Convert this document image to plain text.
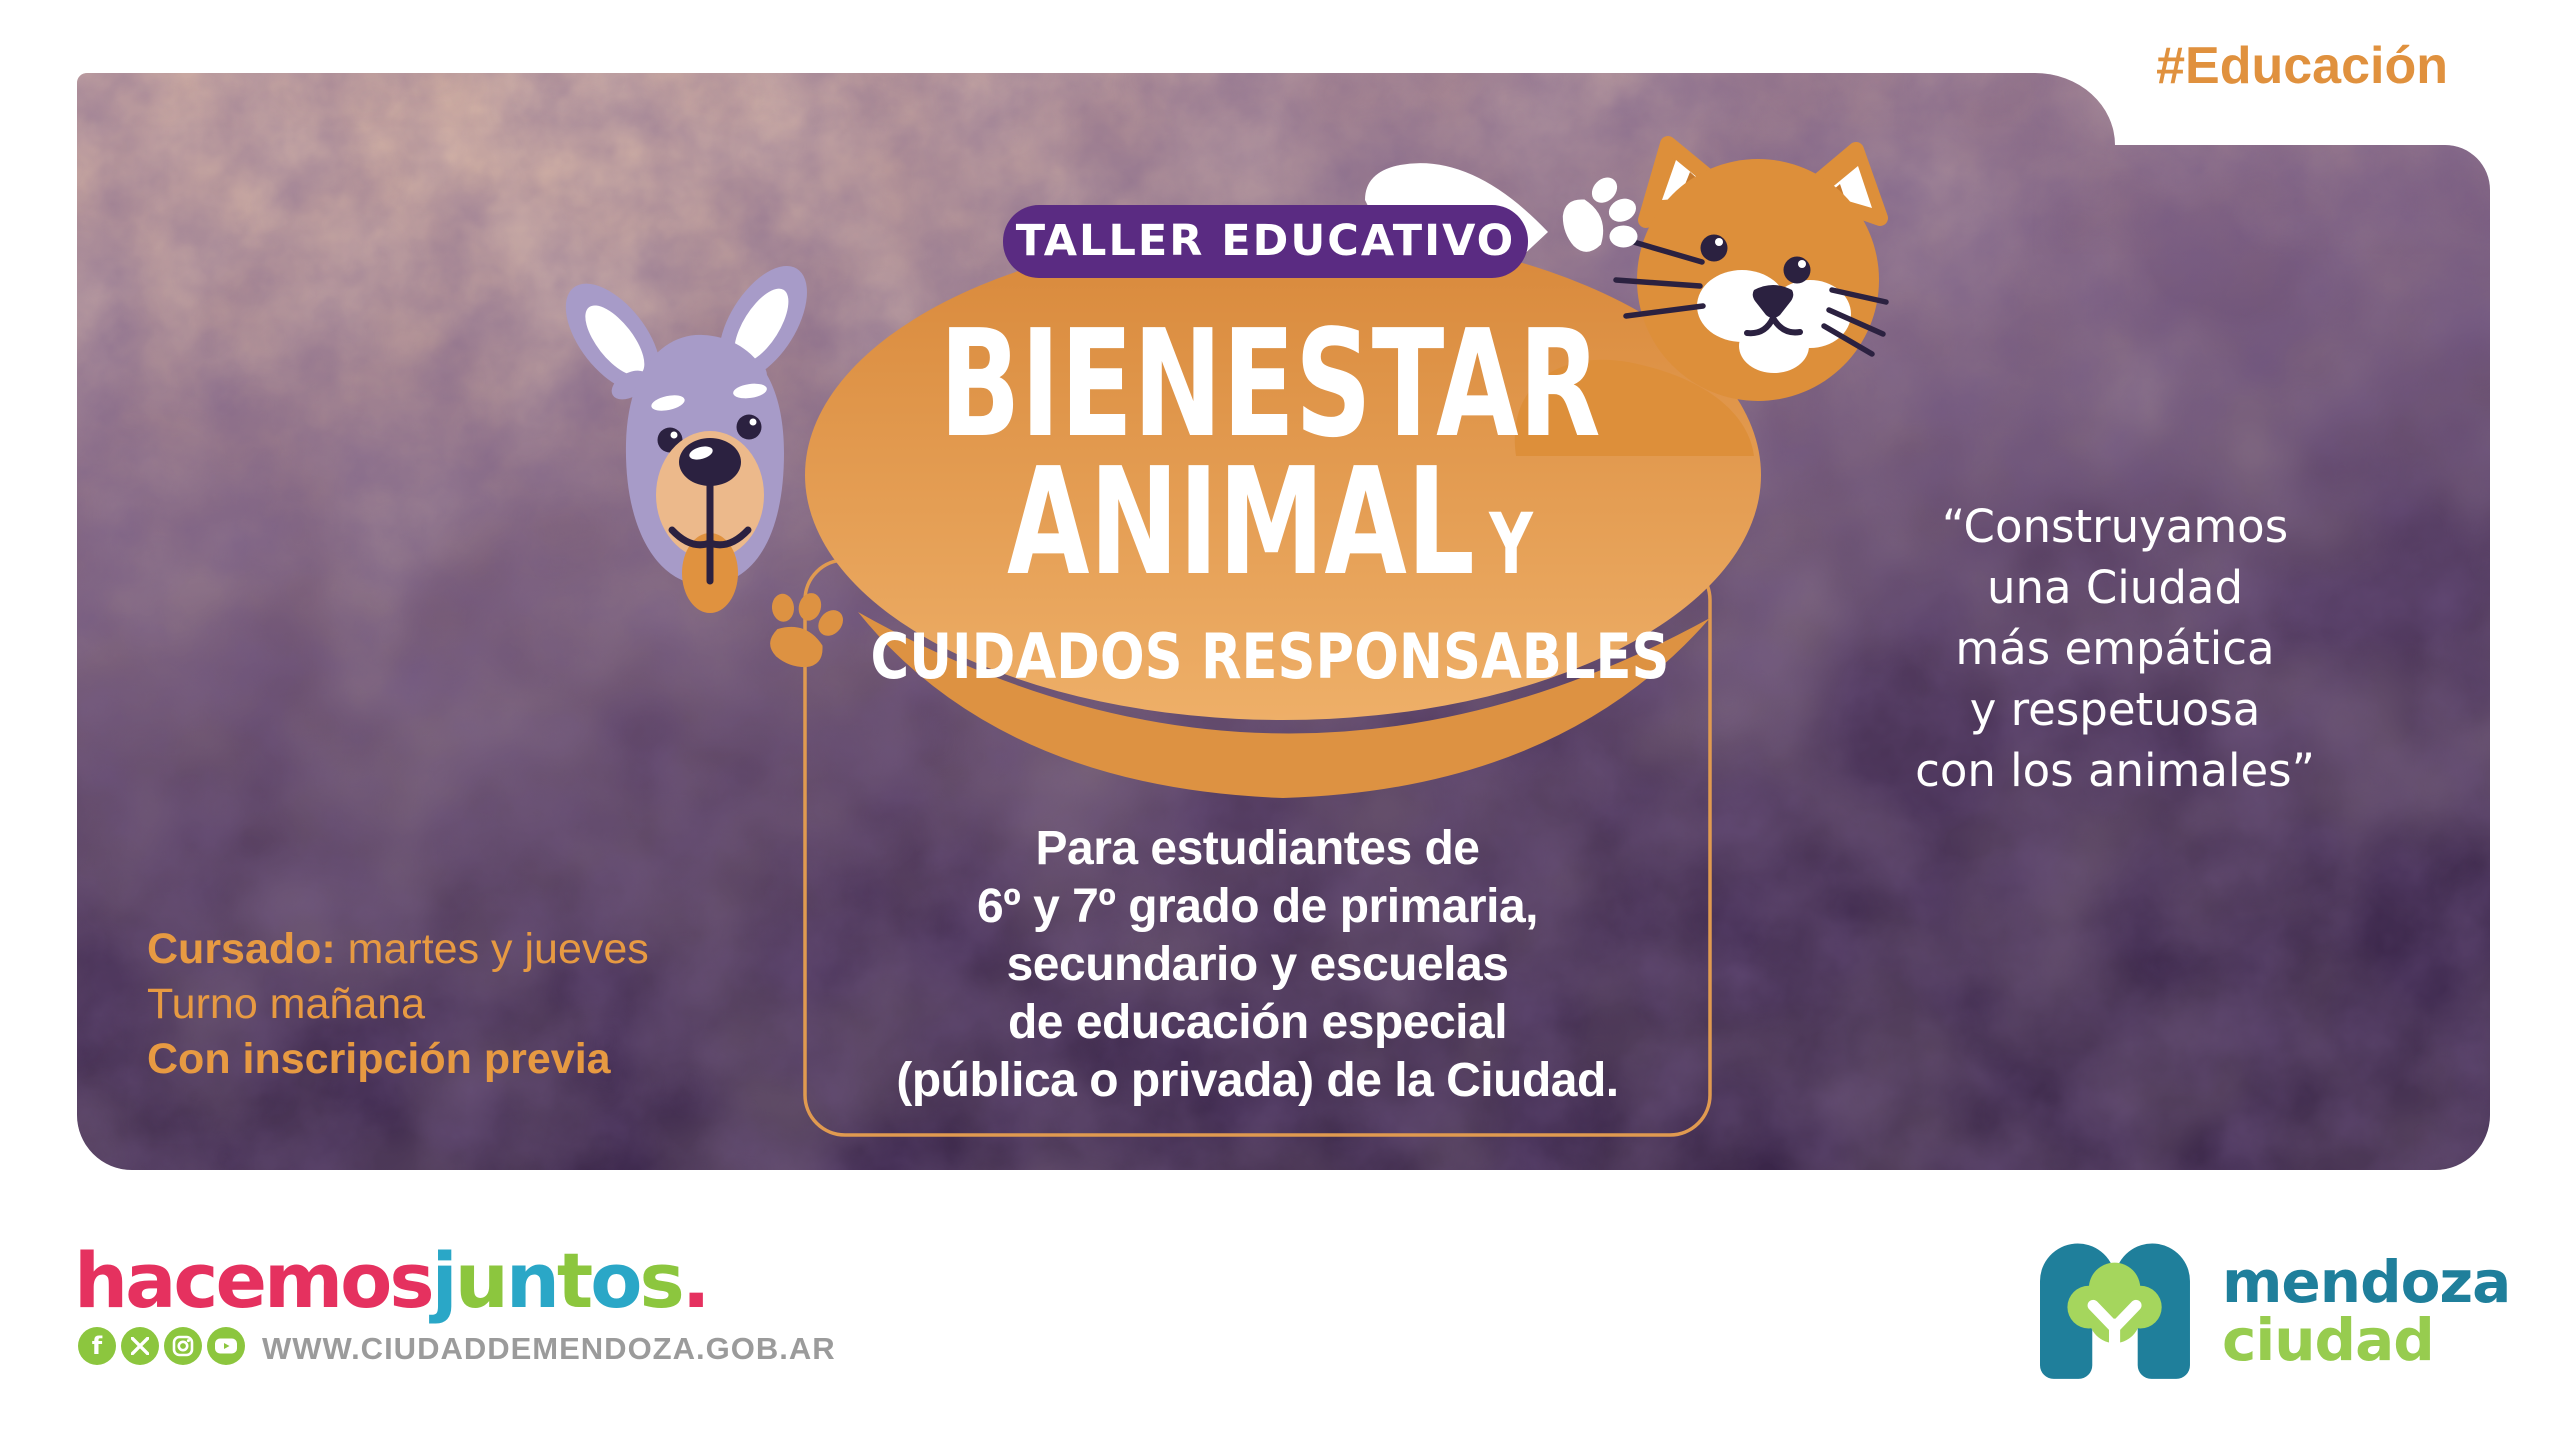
#Educación
TALLER EDUCATIVO
BIENESTAR
ANIMAL Y
CUIDADOS RESPONSABLES
“Construyamos
una Ciudad
más empática
y respetuosa
con los animales”
Cursado: martes y jueves
Turno mañana
Con inscripción previa
Para estudiantes de
6º y 7º grado de primaria,
secundario y escuelas
de educación especial
(pública o privada) de la Ciudad.
hacemosjuntos.
f	WWW.CIUDADDEMENDOZA.GOB.AR
mendoza
ciudad
